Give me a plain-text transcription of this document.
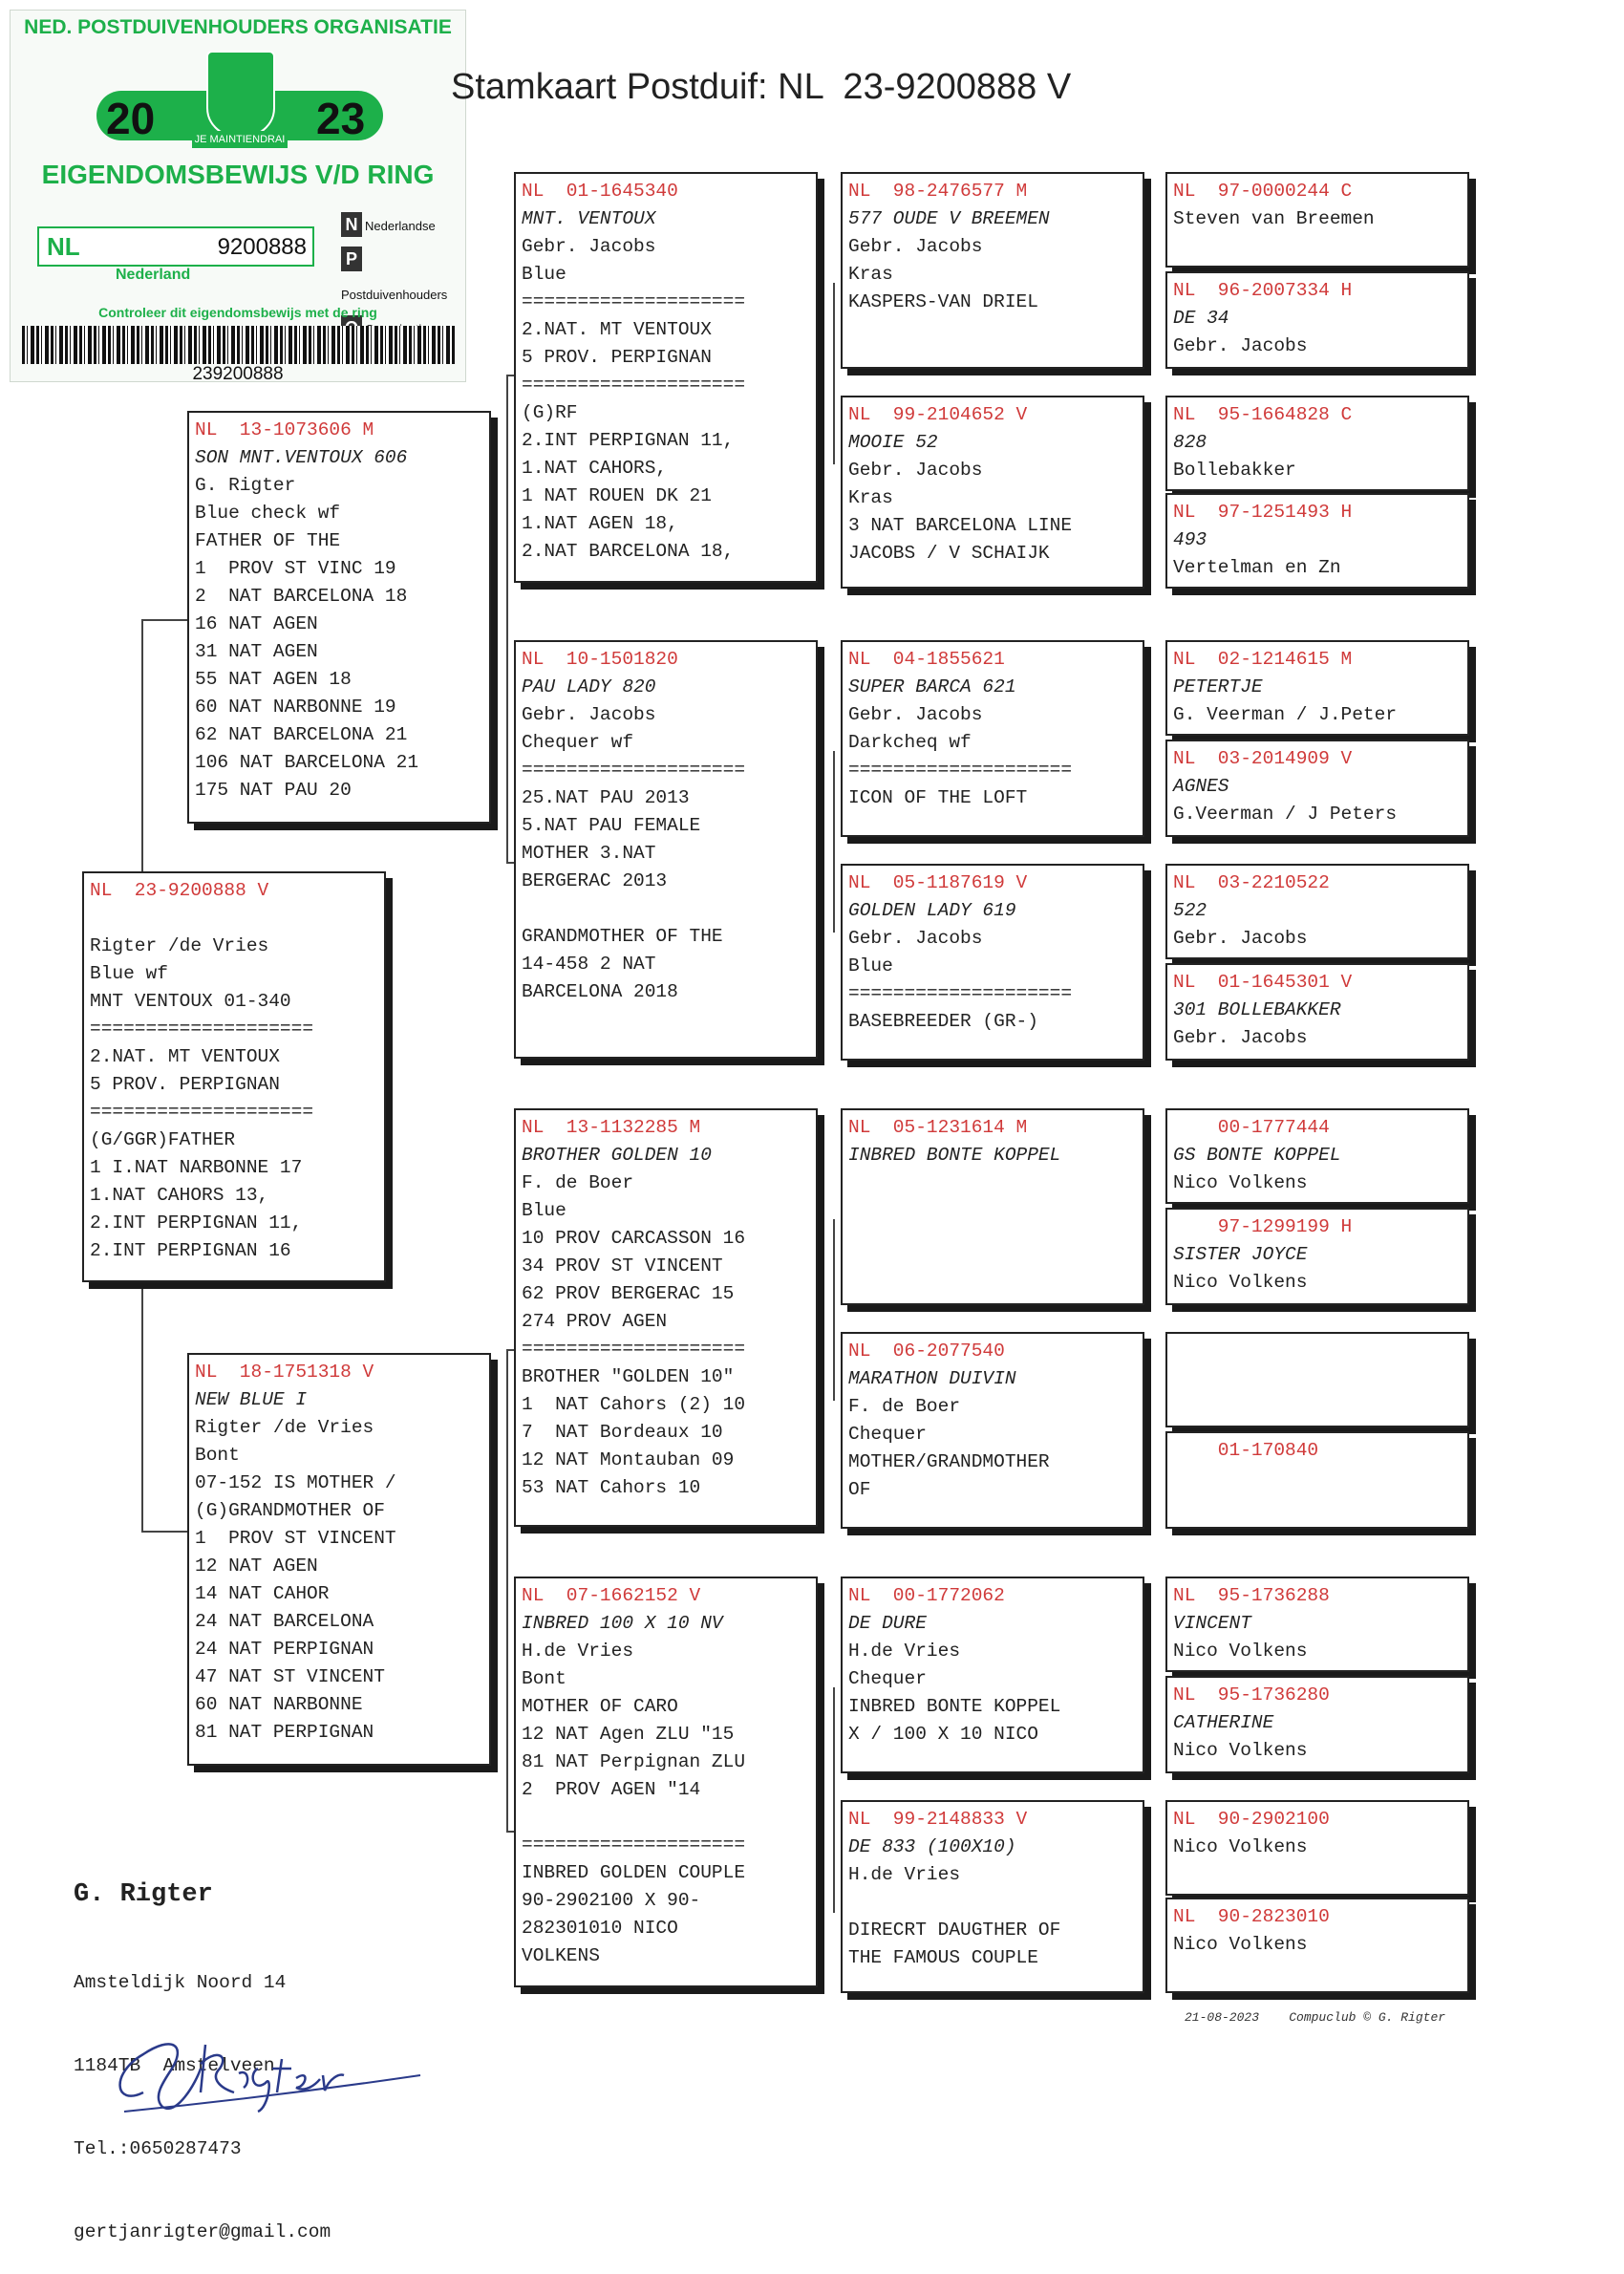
NED. POSTDUIVENHOUDERS ORGANISATIE
20	23
JE MAINTIENDRAI
EIGENDOMSBEWIJS V/D RING
NL	9200888
Nederland
N Nederlandse
PPostduivenhouders
Controleer dit eigendomsbewijs met de ring
239200888
Stamkaart Postduif: NL  23-9200888 V
NL  23-9200888 V

Rigter /de Vries
Blue wf
MNT VENTOUX 01-340
====================
2.NAT. MT VENTOUX
5 PROV. PERPIGNAN
====================
(G/GGR)FATHER
1 I.NAT NARBONNE 17
1.NAT CAHORS 13,
2.INT PERPIGNAN 11,
2.INT PERPIGNAN 16
NL  13-1073606 M
SON MNT.VENTOUX 606
G. Rigter
Blue check wf
FATHER OF THE
1  PROV ST VINC 19
2  NAT BARCELONA 18
16 NAT AGEN
31 NAT AGEN
55 NAT AGEN 18
60 NAT NARBONNE 19
62 NAT BARCELONA 21
106 NAT BARCELONA 21
175 NAT PAU 20
NL  18-1751318 V
NEW BLUE I
Rigter /de Vries
Bont
07-152 IS MOTHER /
(G)GRANDMOTHER OF
1  PROV ST VINCENT
12 NAT AGEN
14 NAT CAHOR
24 NAT BARCELONA
24 NAT PERPIGNAN
47 NAT ST VINCENT
60 NAT NARBONNE
81 NAT PERPIGNAN
NL  01-1645340
MNT. VENTOUX
Gebr. Jacobs
Blue
====================
2.NAT. MT VENTOUX
5 PROV. PERPIGNAN
====================
(G)RF
2.INT PERPIGNAN 11,
1.NAT CAHORS,
1 NAT ROUEN DK 21
1.NAT AGEN 18,
2.NAT BARCELONA 18,
NL  10-1501820
PAU LADY 820
Gebr. Jacobs
Chequer wf
====================
25.NAT PAU 2013
5.NAT PAU FEMALE
MOTHER 3.NAT
BERGERAC 2013

GRANDMOTHER OF THE
14-458 2 NAT
BARCELONA 2018
NL  13-1132285 M
BROTHER GOLDEN 10
F. de Boer
Blue
10 PROV CARCASSON 16
34 PROV ST VINCENT
62 PROV BERGERAC 15
274 PROV AGEN
====================
BROTHER "GOLDEN 10"
1  NAT Cahors (2) 10
7  NAT Bordeaux 10
12 NAT Montauban 09
53 NAT Cahors 10
NL  07-1662152 V
INBRED 100 X 10 NV
H.de Vries
Bont
MOTHER OF CARO
12 NAT Agen ZLU "15
81 NAT Perpignan ZLU
2  PROV AGEN "14

====================
INBRED GOLDEN COUPLE
90-2902100 X 90-
282301010 NICO
VOLKENS
NL  98-2476577 M
577 OUDE V BREEMEN
Gebr. Jacobs
Kras
KASPERS-VAN DRIEL
NL  99-2104652 V
MOOIE 52
Gebr. Jacobs
Kras
3 NAT BARCELONA LINE
JACOBS / V SCHAIJK
NL  04-1855621
SUPER BARCA 621
Gebr. Jacobs
Darkcheq wf
====================
ICON OF THE LOFT
NL  05-1187619 V
GOLDEN LADY 619
Gebr. Jacobs
Blue
====================
BASEBREEDER (GR-)
NL  05-1231614 M
INBRED BONTE KOPPEL
NL  06-2077540
MARATHON DUIVIN
F. de Boer
Chequer
MOTHER/GRANDMOTHER
OF
NL  00-1772062
DE DURE
H.de Vries
Chequer
INBRED BONTE KOPPEL
X / 100 X 10 NICO
NL  99-2148833 V
DE 833 (100X10)
H.de Vries

DIRECRT DAUGTHER OF
THE FAMOUS COUPLE
NL  97-0000244 C
Steven van Breemen
NL  96-2007334 H
DE 34
Gebr. Jacobs
NL  95-1664828 C
828
Bollebakker
NL  97-1251493 H
493
Vertelman en Zn
NL  02-1214615 M
PETERTJE
G. Veerman / J.Peter
NL  03-2014909 V
AGNES
G.Veerman / J Peters
NL  03-2210522
522
Gebr. Jacobs
NL  01-1645301 V
301 BOLLEBAKKER
Gebr. Jacobs
00-1777444
GS BONTE KOPPEL
Nico Volkens
97-1299199 H
SISTER JOYCE
Nico Volkens
01-170840
NL  95-1736288
VINCENT
Nico Volkens
NL  95-1736280
CATHERINE
Nico Volkens
NL  90-2902100
Nico Volkens
NL  90-2823010
Nico Volkens

G. Rigter

Amsteldijk Noord 14

1184TB  Amstelveen

Tel.:0650287473

gertjanrigter@gmail.com

21-08-2023    Compuclub © G. Rigter
